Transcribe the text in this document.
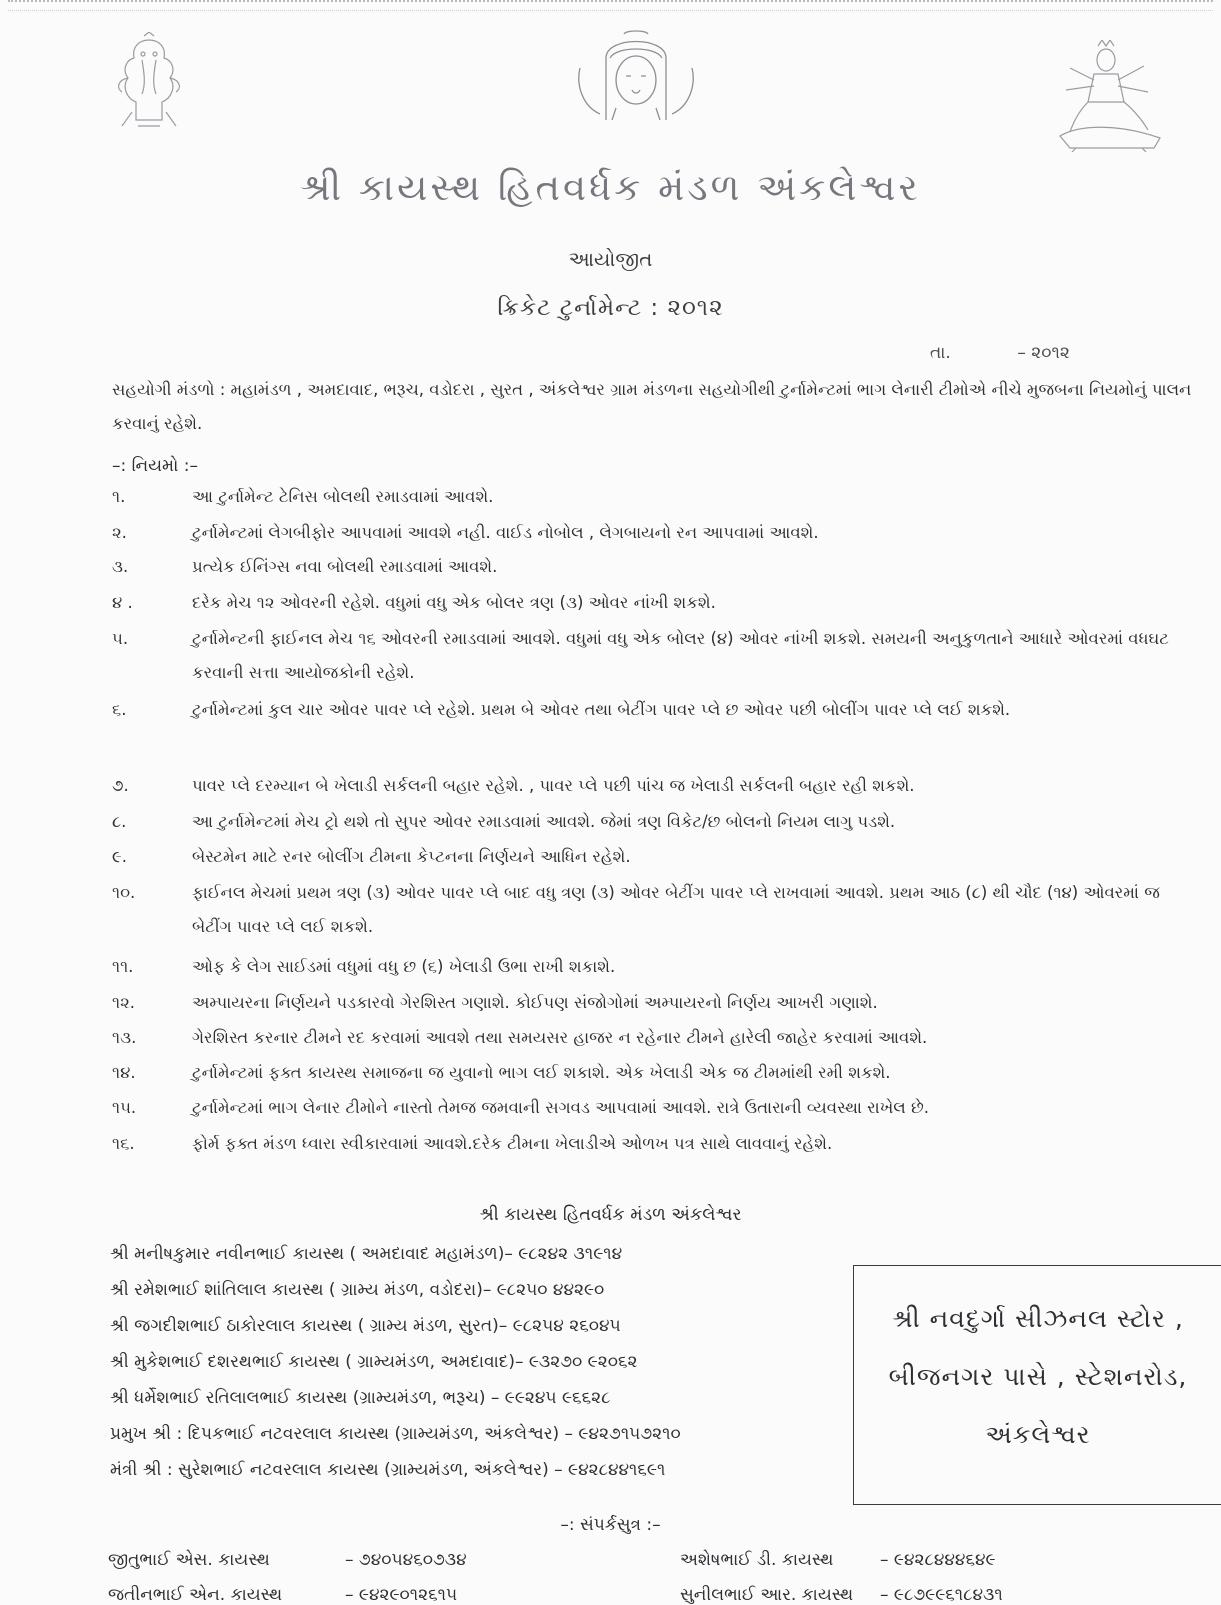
શ્રી કાયસ્થ હિતવર્ધક મંડળ અંકલેશ્વર
આયોજીત
ક્રિકેટ ટુર્નામેન્ટ : ૨૦૧૨
તા.	– ૨૦૧૨
સહયોગી મંડળો : મહામંડળ , અમદાવાદ, ભરૂચ, વડોદરા , સુરત , અંકલેશ્વર ગ્રામ મંડળના સહયોગીથી ટુર્નામેન્ટમાં ભાગ લેનારી ટીમોએ નીચે મુજબના નિયમોનું પાલન કરવાનું રહેશે.
–: નિયમો :–
૧.	આ ટુર્નામેન્ટ ટેનિસ બોલથી રમાડવામાં આવશે.
૨.	ટુર્નામેન્ટમાં લેગબીફોર આપવામાં આવશે નહી. વાઈડ નોબોલ , લેગબાયનો રન આપવામાં આવશે.
૩.	પ્રત્યેક ઈનિંગ્સ નવા બોલથી રમાડવામાં આવશે.
૪ .	દરેક મેચ ૧૨ ઓવરની રહેશે. વધુમાં વધુ એક બોલર ત્રણ (૩) ઓવર નાંખી શકશે.
૫.	ટુર્નામેન્ટની ફાઈનલ મેચ ૧૬ ઓવરની રમાડવામાં આવશે. વધુમાં વધુ એક બોલર (૪) ઓવર નાંખી શકશે. સમયની અનુકુળતાને આધારે ઓવરમાં વધઘટ કરવાની સત્તા આયોજકોની રહેશે.
૬.	ટુર્નામેન્ટમાં કુલ ચાર ઓવર પાવર પ્લે રહેશે. પ્રથમ બે ઓવર તથા બેટીંગ પાવર પ્લે છ ઓવર પછી બોલીંગ પાવર પ્લે લઈ શકશે.
૭.	પાવર પ્લે દરમ્યાન બે ખેલાડી સર્કલની બહાર રહેશે. , પાવર પ્લે પછી પાંચ જ ખેલાડી સર્કલની બહાર રહી શકશે.
૮.	આ ટુર્નામેન્ટમાં મેચ ટ્રો થશે તો સુપર ઓવર રમાડવામાં આવશે. જેમાં ત્રણ વિકેટ/છ બોલનો નિયમ લાગુ પડશે.
૯.	બેસ્ટમેન માટે રનર બોલીંગ ટીમના કેપ્ટનના નિર્ણયને આધિન રહેશે.
૧૦.	ફાઈનલ મેચમાં પ્રથમ ત્રણ (૩) ઓવર પાવર પ્લે બાદ વધુ ત્રણ (૩) ઓવર બેટીંગ પાવર પ્લે રાખવામાં આવશે. પ્રથમ આઠ (૮) થી ચૌદ (૧૪) ઓવરમાં જ બેટીંગ પાવર પ્લે લઈ શકશે.
૧૧.	ઓફ કે લેગ સાઈડમાં વધુમાં વધુ છ (૬) ખેલાડી ઉભા રાખી શકાશે.
૧૨.	અમ્પાયરના નિર્ણયને પડકારવો ગેરશિસ્ત ગણાશે. કોઈપણ સંજોગોમાં અમ્પાયરનો નિર્ણય આખરી ગણાશે.
૧૩.	ગેરશિસ્ત કરનાર ટીમને રદ કરવામાં આવશે તથા સમયસર હાજર ન રહેનાર ટીમને હારેલી જાહેર કરવામાં આવશે.
૧૪.	ટુર્નામેન્ટમાં ફક્ત કાયસ્થ સમાજના જ યુવાનો ભાગ લઈ શકાશે. એક ખેલાડી એક જ ટીમમાંથી રમી શકશે.
૧૫.	ટુર્નામેન્ટમાં ભાગ લેનાર ટીમોને નાસ્તો તેમજ જમવાની સગવડ આપવામાં આવશે. રાત્રે ઉતારાની વ્યવસ્થા રાખેલ છે.
૧૬.	ફોર્મ ફક્ત મંડળ ધ્વારા સ્વીકારવામાં આવશે.દરેક ટીમના ખેલાડીએ ઓળખ પત્ર સાથે લાવવાનું રહેશે.
શ્રી કાયસ્થ હિતવર્ધક મંડળ અંકલેશ્વર
શ્રી મનીષકુમાર નવીનભાઈ કાયસ્થ ( અમદાવાદ મહામંડળ)– ૯૮૨૪૨ ૩૧૯૧૪
શ્રી રમેશભાઈ શાંતિલાલ કાયસ્થ ( ગ્રામ્ય મંડળ, વડોદરા)– ૯૮૨૫૦ ૪૪૨૯૦
શ્રી જગદીશભાઈ ઠાકોરલાલ કાયસ્થ ( ગ્રામ્ય મંડળ, સુરત)– ૯૮૨૫૪ ૨૬૦૪૫
શ્રી મુકેશભાઈ દશરથભાઈ કાયસ્થ ( ગ્રામ્યમંડળ, અમદાવાદ)– ૯૩૨૭૦ ૯૨૦૬૨
શ્રી ધર્મેશભાઈ રતિલાલભાઈ કાયસ્થ (ગ્રામ્યમંડળ, ભરૂચ) – ૯૯૨૪૫ ૯૬૬૨૮
પ્રમુખ શ્રી : દિપકભાઈ નટવરલાલ કાયસ્થ (ગ્રામ્યમંડળ, અંકલેશ્વર) – ૯૪૨૭૧૫૭૨૧૦
મંત્રી શ્રી : સુરેશભાઈ નટવરલાલ કાયસ્થ (ગ્રામ્યમંડળ, અંકલેશ્વર) – ૯૪૨૮૪૪૧૬૯૧
શ્રી નવદુર્ગા સીઝનલ સ્ટોર ,
બીજનગર પાસે , સ્ટેશનરોડ,
અંકલેશ્વર
–: સંપર્કસુત્ર :–
જીતુભાઈ એસ. કાયસ્થ	– ૭૪૦૫૪૬૦૭૩૪	અશેષભાઈ ડી. કાયસ્થ	– ૯૪૨૮૪૪૪૬૪૯
જતીનભાઈ એન. કાયસ્થ	– ૯૪૨૯૦૧૨૬૧૫	સુનીલભાઈ આર. કાયસ્થ – ૯૮૭૯૯૬૧૮૪૩૧
